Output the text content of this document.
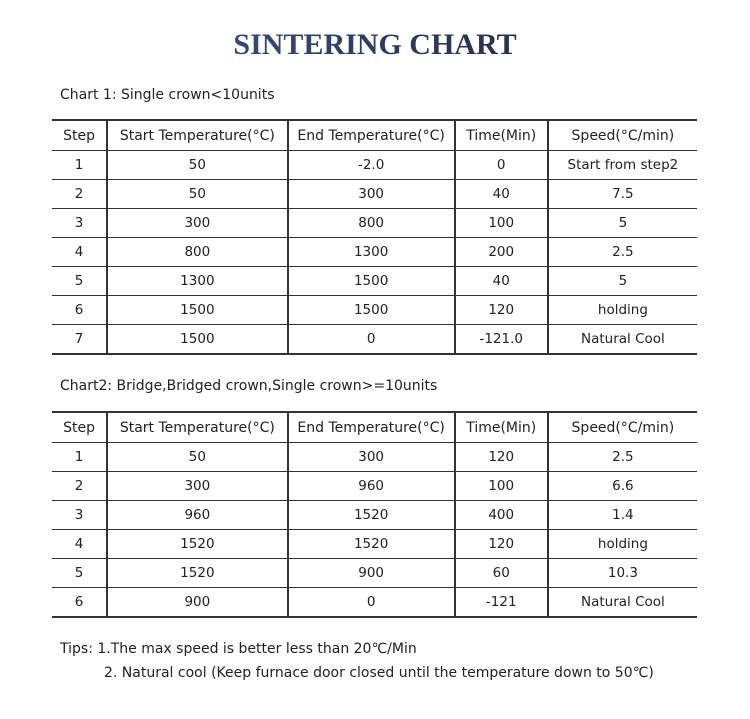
SINTERING CHART
Chart 1: Single crown<10units
Step	Start Temperature(°C)	End Temperature(°C)	Time(Min)	Speed(°C/min)
1	50	-2.0	0	Start from step2
2	50	300	40	7.5
3	300	800	100	5
4	800	1300	200	2.5
5	1300	1500	40	5
6	1500	1500	120	holding
7	1500	0	-121.0	Natural Cool
Chart2: Bridge,Bridged crown,Single crown>=10units
Step	Start Temperature(°C)	End Temperature(°C)	Time(Min)	Speed(°C/min)
1	50	300	120	2.5
2	300	960	100	6.6
3	960	1520	400	1.4
4	1520	1520	120	holding
5	1520	900	60	10.3
6	900	0	-121	Natural Cool
Tips: 1.The max speed is better less than 20℃/Min
2. Natural cool (Keep furnace door closed until the temperature down to 50℃)
